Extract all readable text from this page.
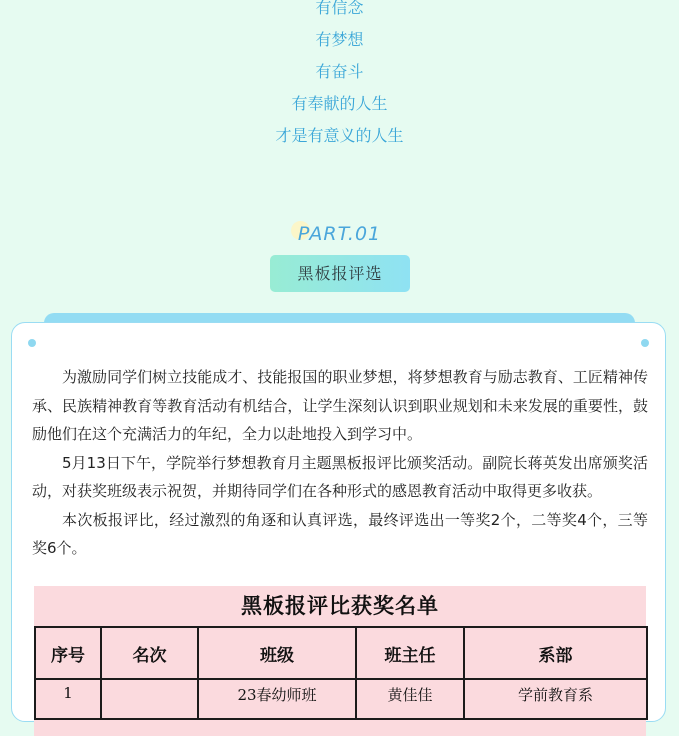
有信念
有梦想
有奋斗
有奉献的人生
才是有意义的人生
PART.01
黑板报评选

为激励同学们树立技能成才、技能报国的职业梦想，将梦想教育与励志教育、工匠精神传承、民族精神教育等教育活动有机结合，让学生深刻认识到职业规划和未来发展的重要性，鼓励他们在这个充满活力的年纪，全力以赴地投入到学习中。

5月13日下午，学院举行梦想教育月主题黑板报评比颁奖活动。副院长蒋英发出席颁奖活动，对获奖班级表示祝贺，并期待同学们在各种形式的感恩教育活动中取得更多收获。

本次板报评比，经过激烈的角逐和认真评选，最终评选出一等奖2个，二等奖4个，三等奖6个。

黑板报评比获奖名单
序号	名次	班级	班主任	系部
1		23春幼师班	黄佳佳	学前教育系
